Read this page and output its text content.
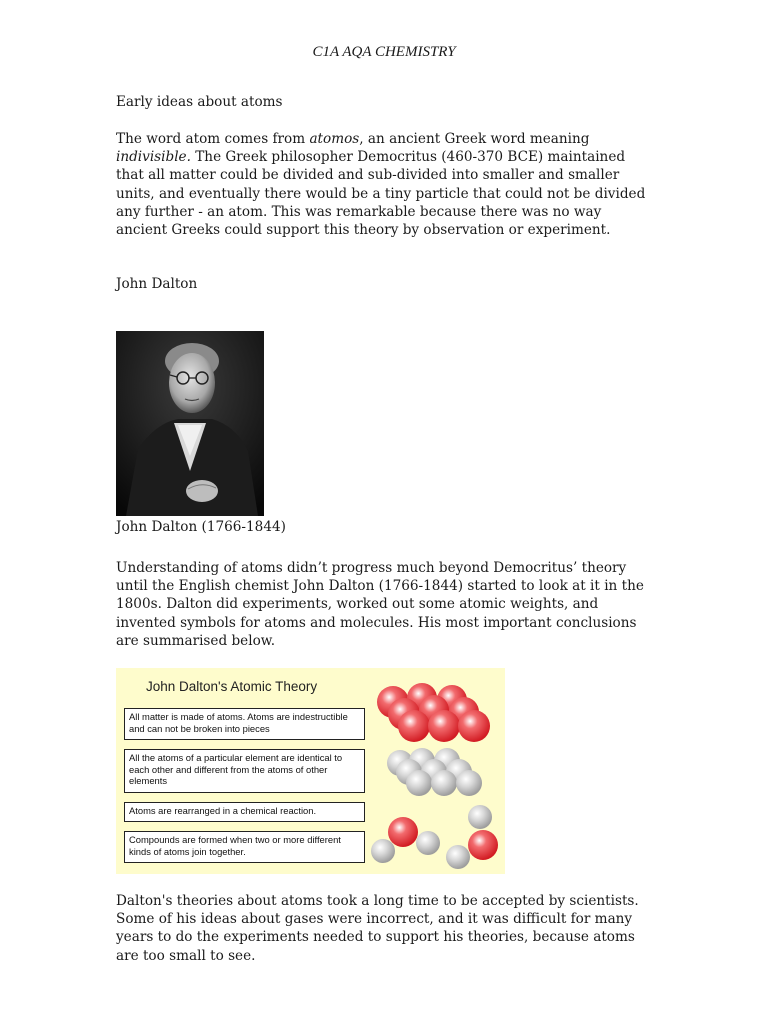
C1A AQA CHEMISTRY

Early ideas about atoms

The word atom comes from atomos, an ancient Greek word meaning indivisible. The Greek philosopher Democritus (460-370 BCE) maintained that all matter could be divided and sub-divided into smaller and smaller units, and eventually there would be a tiny particle that could not be divided any further - an atom. This was remarkable because there was no way ancient Greeks could support this theory by observation or experiment.

John Dalton

John Dalton (1766-1844)

Understanding of atoms didn’t progress much beyond Democritus’ theory until the English chemist John Dalton (1766-1844) started to look at it in the 1800s. Dalton did experiments, worked out some atomic weights, and invented symbols for atoms and molecules. His most important conclusions are summarised below.

John Dalton's Atomic Theory
All matter is made of atoms. Atoms are indestructible and can not be broken into pieces
All the atoms of a particular element are identical to each other and different from the atoms of other elements
Atoms are rearranged in a chemical reaction.
Compounds are formed when two or more different kinds of atoms join together.

Dalton's theories about atoms took a long time to be accepted by scientists. Some of his ideas about gases were incorrect, and it was difficult for many years to do the experiments needed to support his theories, because atoms are too small to see.
